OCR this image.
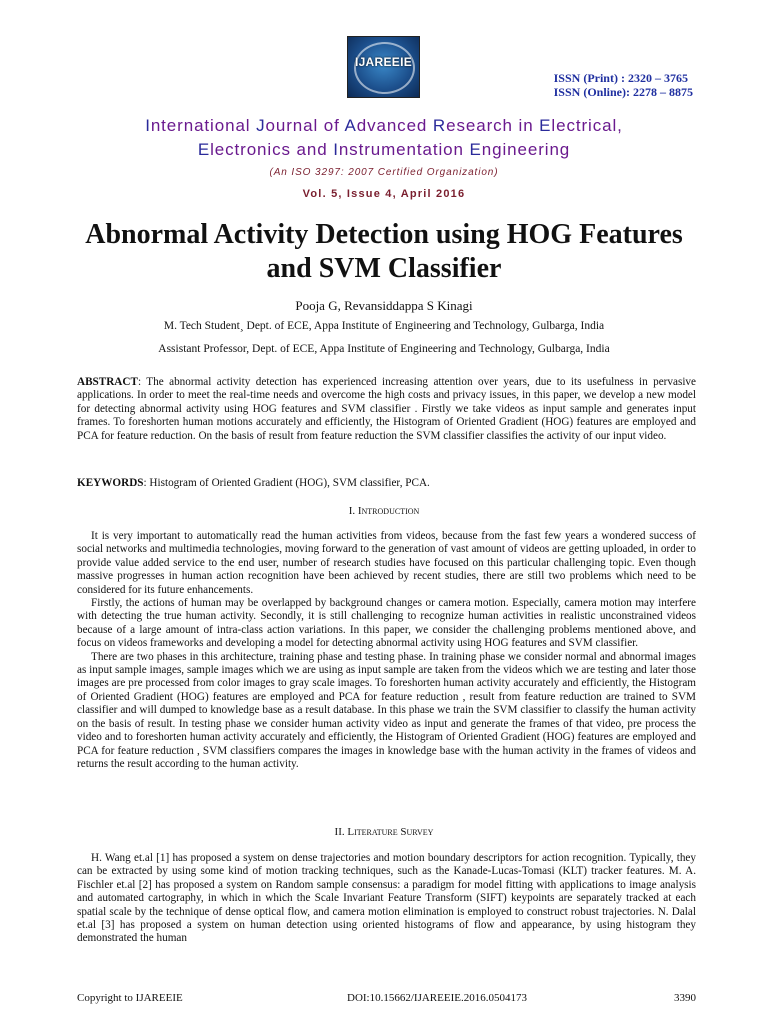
IJAREEIE
ISSN (Print) : 2320 – 3765
ISSN (Online): 2278 – 8875
International Journal of Advanced Research in Electrical,
Electronics and Instrumentation Engineering
(An ISO 3297: 2007 Certified Organization)
Vol. 5, Issue 4, April 2016
Abnormal Activity Detection using HOG Features and SVM Classifier
Pooja G, Revansiddappa S Kinagi
M. Tech Student¸ Dept. of ECE, Appa Institute of Engineering and Technology, Gulbarga, India
Assistant Professor, Dept. of ECE, Appa Institute of Engineering and Technology, Gulbarga, India
ABSTRACT: The abnormal activity detection has experienced increasing attention over years, due to its usefulness in pervasive applications. In order to meet the real-time needs and overcome the high costs and privacy issues, in this paper, we develop a new model for detecting abnormal activity using HOG features and SVM classifier . Firstly we take videos as input sample and generates input frames. To foreshorten human motions accurately and efficiently, the Histogram of Oriented Gradient (HOG) features are employed and PCA for feature reduction. On the basis of result from feature reduction the SVM classifier classifies the activity of our input video.
KEYWORDS: Histogram of Oriented Gradient (HOG), SVM classifier, PCA.
I. Introduction

It is very important to automatically read the human activities from videos, because from the fast few years a wondered success of social networks and multimedia technologies, moving forward to the generation of vast amount of videos are getting uploaded, in order to provide value added service to the end user, number of research studies have focused on this particular challenging topic. Even though massive progresses in human action recognition have been achieved by recent studies, there are still two problems which need to be considered for its future enhancements.

Firstly, the actions of human may be overlapped by background changes or camera motion. Especially, camera motion may interfere with detecting the true human activity. Secondly, it is still challenging to recognize human activities in realistic unconstrained videos because of a large amount of intra-class action variations. In this paper, we consider the challenging problems mentioned above, and focus on videos frameworks and developing a model for detecting abnormal activity using HOG features and SVM classifier.

There are two phases in this architecture, training phase and testing phase. In training phase we consider normal and abnormal images as input sample images, sample images which we are using as input sample are taken from the videos which we are testing and later those images are pre processed from color images to gray scale images. To foreshorten human activity accurately and efficiently, the Histogram of Oriented Gradient (HOG) features are employed and PCA for feature reduction , result from feature reduction are trained to SVM classifier and will dumped to knowledge base as a result database. In this phase we train the SVM classifier to classify the human activity on the basis of result. In testing phase we consider human activity video as input and generate the frames of that video, pre process the video and to foreshorten human activity accurately and efficiently, the Histogram of Oriented Gradient (HOG) features are employed and PCA for feature reduction , SVM classifiers compares the images in knowledge base with the human activity in the frames of videos and returns the result according to the human activity.

II. Literature Survey

H. Wang et.al [1] has proposed a system on dense trajectories and motion boundary descriptors for action recognition. Typically, they can be extracted by using some kind of motion tracking techniques, such as the Kanade-Lucas-Tomasi (KLT) tracker features. M. A. Fischler et.al [2] has proposed a system on Random sample consensus: a paradigm for model fitting with applications to image analysis and automated cartography, in which in which the Scale Invariant Feature Transform (SIFT) keypoints are separately tracked at each spatial scale by the technique of dense optical flow, and camera motion elimination is employed to construct robust trajectories. N. Dalal et.al [3] has proposed a system on human detection using oriented histograms of flow and appearance, by using histogram they demonstrated the human

Copyright to IJAREEIE	DOI:10.15662/IJAREEIE.2016.0504173	3390
